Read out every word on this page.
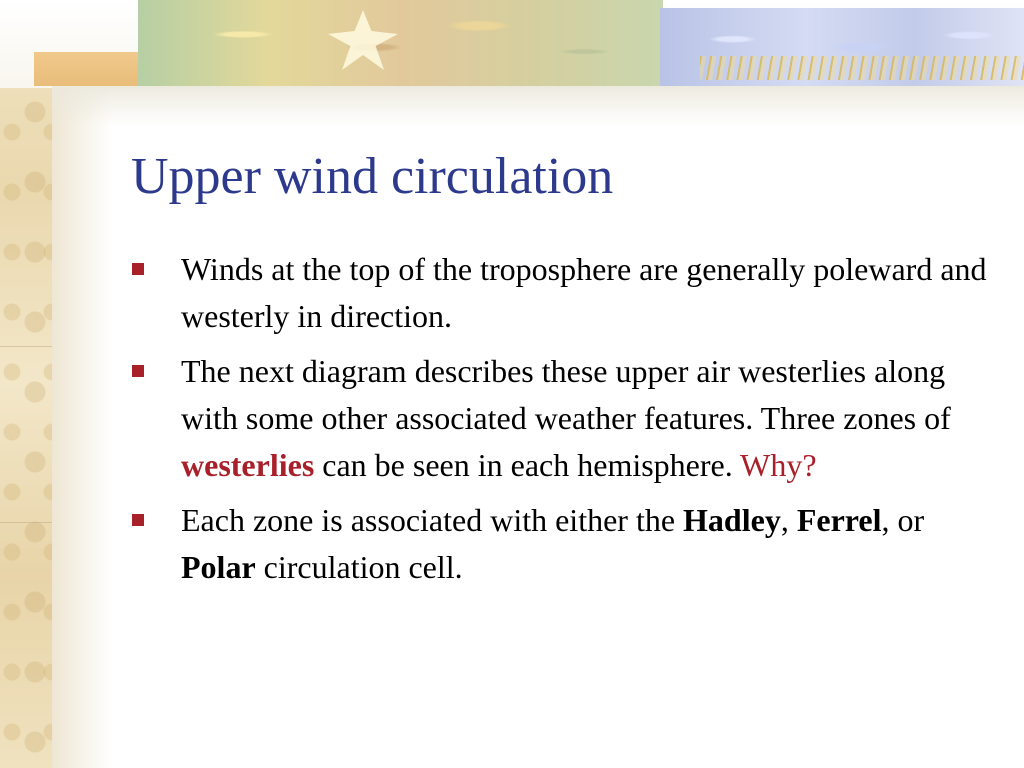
Upper wind circulation
Winds at the top of the troposphere are generally poleward and westerly in direction.
The next diagram describes these upper air westerlies along with some other associated weather features. Three zones of westerlies can be seen in each hemisphere. Why?
Each zone is associated with either the Hadley, Ferrel, or Polar circulation cell.
